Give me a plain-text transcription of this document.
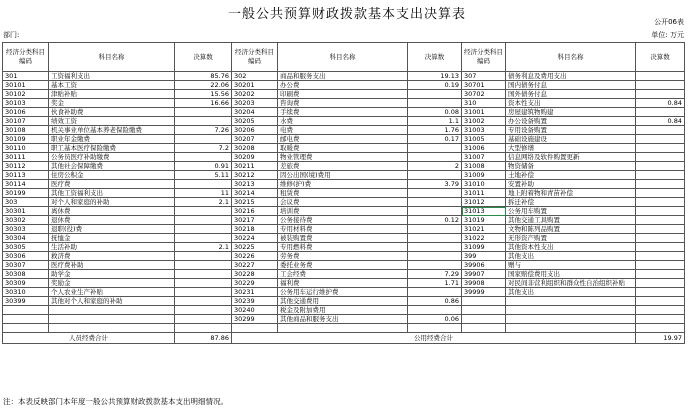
一般公共预算财政拨款基本支出决算表	公开06表
部门:	单位: 万元
经济分类科目编码	科目名称	决算数	经济分类科目编码	科目名称	决算数	经济分类科目编码	科目名称	决算数
301	工资福利支出	85.76	302	商品和服务支出	19.13	307	债务利息及费用支出	
30101	基本工资	22.06	30201	办公费	0.19	30701	国内债务付息	
30102	津贴补贴	15.56	30202	印刷费		30702	国外债务付息	
30103	奖金	16.66	30203	咨询费		310	资本性支出	0.84
30106	伙食补助费		30204	手续费	0.08	31001	房屋建筑物购建	
30107	绩效工资		30205	水费	1.1	31002	办公设备购置	0.84
30108	机关事业单位基本养老保险缴费	7.26	30206	电费	1.76	31003	专用设备购置	
30109	职业年金缴费		30207	邮电费	0.17	31005	基础设施建设	
30110	职工基本医疗保险缴费	7.2	30208	取暖费		31006	大型修缮	
30111	公务员医疗补助缴费		30209	物业管理费		31007	信息网络及软件购置更新	
30112	其他社会保障缴费	0.91	30211	差旅费	2	31008	物资储备	
30113	住房公积金	5.11	30212	因公出国(境)费用		31009	土地补偿	
30114	医疗费		30213	维修(护)费	3.79	31010	安置补助	
30199	其他工资福利支出	11	30214	租赁费		31011	地上附着物和青苗补偿	
303	对个人和家庭的补助	2.1	30215	会议费		31012	拆迁补偿	
30301	离休费		30216	培训费		31013	公务用车购置	
30302	退休费		30217	公务接待费	0.12	31019	其他交通工具购置	
30303	退职(役)费		30218	专用材料费		31021	文物和陈列品购置	
30304	抚恤金		30224	被装购置费		31022	无形资产购置	
30305	生活补助	2.1	30225	专用燃料费		31099	其他资本性支出	
30306	救济费		30226	劳务费		399	其他支出	
30307	医疗费补助		30227	委托业务费		39906	赠与	
30308	助学金		30228	工会经费	7.29	39907	国家赔偿费用支出	
30309	奖励金		30229	福利费	1.71	39908	对民间非营利组织和群众性自治组织补贴	
30310	个人农业生产补贴		30231	公务用车运行维护费		39999	其他支出	
30399	其他对个人和家庭的补助		30239	其他交通费用	0.86			
			30240	税金及附加费用				
			30299	其他商品和服务支出	0.06			

人员经费合计		87.86	公用经费合计					19.97
注：本表反映部门本年度一般公共预算财政拨款基本支出明细情况。
